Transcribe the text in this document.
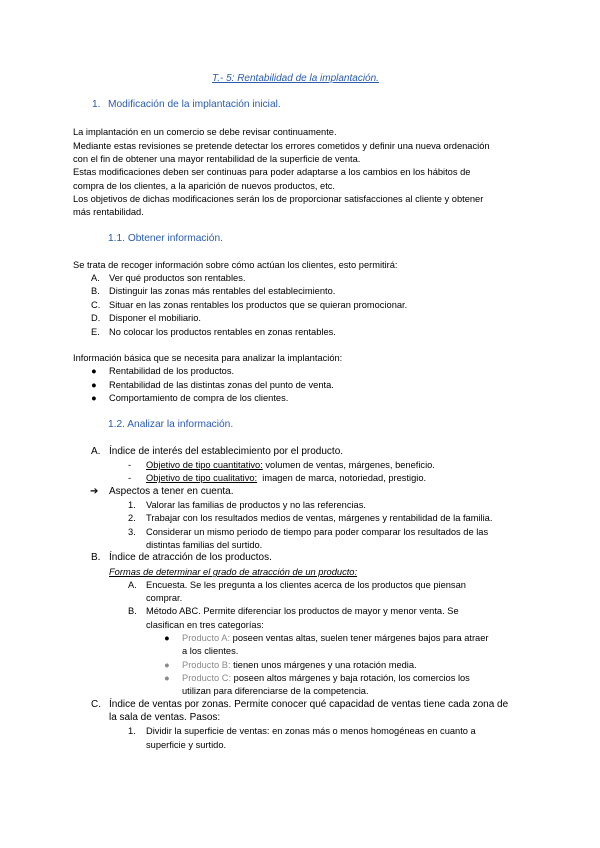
T.- 5: Rentabilidad de la implantación.
1. Modificación de la implantación inicial.
La implantación en un comercio se debe revisar continuamente.
Mediante estas revisiones se pretende detectar los errores cometidos y definir una nueva ordenación
con el fin de obtener una mayor rentabilidad de la superficie de venta.
Estas modificaciones deben ser continuas para poder adaptarse a los cambios en los hábitos de
compra de los clientes, a la aparición de nuevos productos, etc.
Los objetivos de dichas modificaciones serán los de proporcionar satisfacciones al cliente y obtener
más rentabilidad.
1.1. Obtener información.
Se trata de recoger información sobre cómo actúan los clientes, esto permitirá:
A. Ver qué productos son rentables.
B. Distinguir las zonas más rentables del establecimiento.
C. Situar en las zonas rentables los productos que se quieran promocionar.
D. Disponer el mobiliario.
E. No colocar los productos rentables en zonas rentables.
Información básica que se necesita para analizar la implantación:
● Rentabilidad de los productos.
● Rentabilidad de las distintas zonas del punto de venta.
● Comportamiento de compra de los clientes.
1.2. Analizar la información.
A. Índice de interés del establecimiento por el producto.
- Objetivo de tipo cuantitativo: volumen de ventas, márgenes, beneficio.
- Objetivo de tipo cualitativo:  imagen de marca, notoriedad, prestigio.
➔ Aspectos a tener en cuenta.
1. Valorar las familias de productos y no las referencias.
2. Trabajar con los resultados medios de ventas, márgenes y rentabilidad de la familia.
3. Considerar un mismo periodo de tiempo para poder comparar los resultados de las
distintas familias del surtido.
B. Índice de atracción de los productos.
Formas de determinar el grado de atracción de un producto:
A. Encuesta. Se les pregunta a los clientes acerca de los productos que piensan
comprar.
B. Método ABC. Permite diferenciar los productos de mayor y menor venta. Se
clasifican en tres categorías:
● Producto A: poseen ventas altas, suelen tener márgenes bajos para atraer
a los clientes.
● Producto B: tienen unos márgenes y una rotación media.
● Producto C: poseen altos márgenes y baja rotación, los comercios los
utilizan para diferenciarse de la competencia.
C. Índice de ventas por zonas. Permite conocer qué capacidad de ventas tiene cada zona de
la sala de ventas. Pasos:
1. Dividir la superficie de ventas: en zonas más o menos homogéneas en cuanto a
superficie y surtido.
